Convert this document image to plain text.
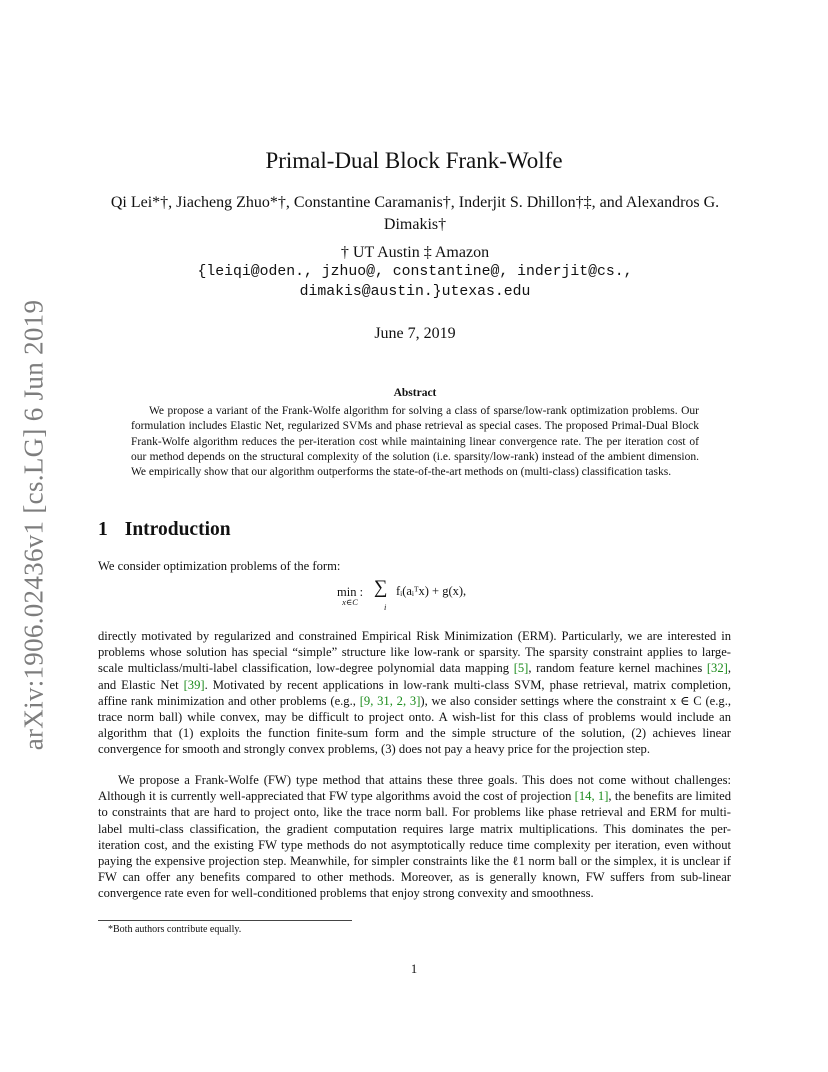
arXiv:1906.02436v1 [cs.LG] 6 Jun 2019
Primal-Dual Block Frank-Wolfe
Qi Lei*†, Jiacheng Zhuo*†, Constantine Caramanis†, Inderjit S. Dhillon†‡, and Alexandros G.
Dimakis†
† UT Austin ‡ Amazon
{leiqi@oden., jzhuo@, constantine@, inderjit@cs.,
dimakis@austin.}utexas.edu
June 7, 2019
Abstract

We propose a variant of the Frank-Wolfe algorithm for solving a class of sparse/low-rank optimization problems. Our formulation includes Elastic Net, regularized SVMs and phase retrieval as special cases. The proposed Primal-Dual Block Frank-Wolfe algorithm reduces the per-iteration cost while maintaining linear convergence rate. The per iteration cost of our method depends on the structural complexity of the solution (i.e. sparsity/low-rank) instead of the ambient dimension. We empirically show that our algorithm outperforms the state-of-the-art methods on (multi-class) classification tasks.

1 Introduction
We consider optimization problems of the form:
min :
x∈C
∑
i
fᵢ(aᵢᵀx) + g(x),
directly motivated by regularized and constrained Empirical Risk Minimization (ERM). Particularly, we are interested in problems whose solution has special “simple” structure like low-rank or sparsity. The sparsity constraint applies to large-scale multiclass/multi-label classification, low-degree polynomial data mapping [5], random feature kernel machines [32], and Elastic Net [39]. Motivated by recent applications in low-rank multi-class SVM, phase retrieval, matrix completion, affine rank minimization and other problems (e.g., [9, 31, 2, 3]), we also consider settings where the constraint x ∈ C (e.g., trace norm ball) while convex, may be difficult to project onto. A wish-list for this class of problems would include an algorithm that (1) exploits the function finite-sum form and the simple structure of the solution, (2) achieves linear convergence for smooth and strongly convex problems, (3) does not pay a heavy price for the projection step.
We propose a Frank-Wolfe (FW) type method that attains these three goals. This does not come without challenges: Although it is currently well-appreciated that FW type algorithms avoid the cost of projection [14, 1], the benefits are limited to constraints that are hard to project onto, like the trace norm ball. For problems like phase retrieval and ERM for multi-label multi-class classification, the gradient computation requires large matrix multiplications. This dominates the per-iteration cost, and the existing FW type methods do not asymptotically reduce time complexity per iteration, even without paying the expensive projection step. Meanwhile, for simpler constraints like the ℓ1 norm ball or the simplex, it is unclear if FW can offer any benefits compared to other methods. Moreover, as is generally known, FW suffers from sub-linear convergence rate even for well-conditioned problems that enjoy strong convexity and smoothness.
*Both authors contribute equally.
1
